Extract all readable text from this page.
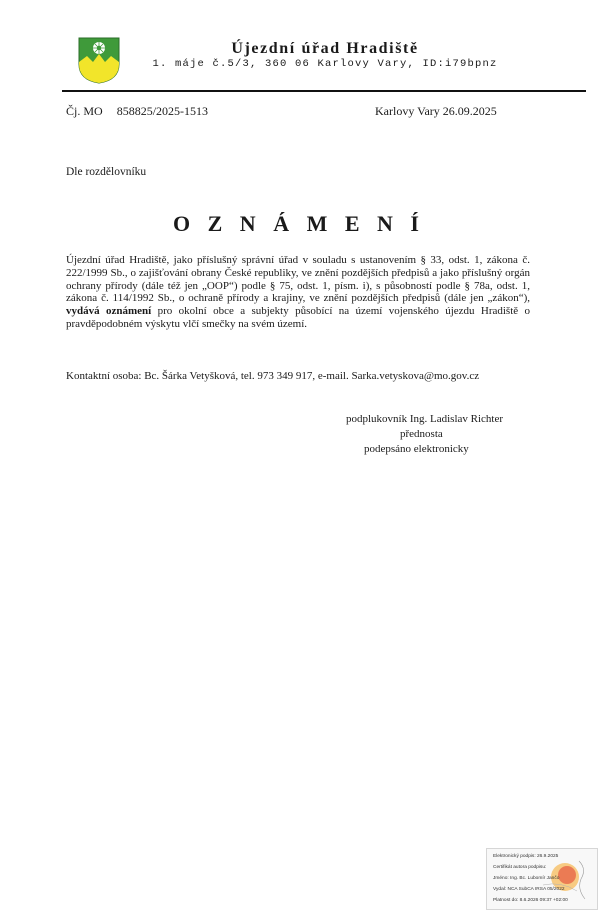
Újezdní úřad Hradiště
1. máje č.5/3, 360 06 Karlovy Vary, ID:i79bpnz
Čj. MO 858825/2025-1513	Karlovy Vary 26.09.2025
Dle rozdělovníku
O Z N Á M E N Í
Újezdní úřad Hradiště, jako příslušný správní úřad v souladu s ustanovením § 33, odst. 1, zákona č. 222/1999 Sb., o zajišťování obrany České republiky, ve znění pozdějších předpisů a jako příslušný orgán ochrany přírody (dále též jen „OOP“) podle § 75, odst. 1, písm. i), s působností podle § 78a, odst. 1, zákona č. 114/1992 Sb., o ochraně přírody a krajiny, ve znění pozdějších předpisů (dále jen „zákon“), vydává oznámení pro okolní obce a subjekty působící na území vojenského újezdu Hradiště o pravděpodobném výskytu vlčí smečky na svém území.
Kontaktní osoba: Bc. Šárka Vetyšková, tel. 973 349 917, e-mail. Sarka.vetyskova@mo.gov.cz
podplukovník Ing. Ladislav Richter
přednosta
podepsáno elektronicky
Elektronický podpis: 26.9.2025
Certifikát autora podpisu:
Jméno: Ing. Bc. Lubomír Jančo
Vydal: NCA SubCA IRSA 05/2022
Platnost do: 8.6.2026 09:37 +02:00
